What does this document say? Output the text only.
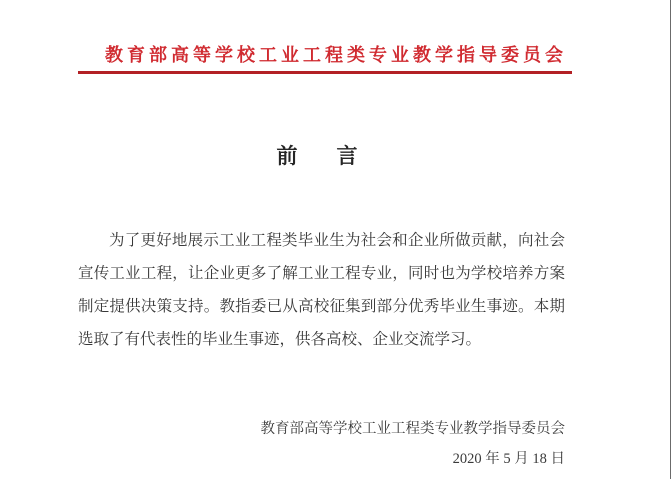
教育部高等学校工业工程类专业教学指导委员会
前　言
为了更好地展示工业工程类毕业生为社会和企业所做贡献，向社会
宣传工业工程，让企业更多了解工业工程专业，同时也为学校培养方案
制定提供决策支持。教指委已从高校征集到部分优秀毕业生事迹。本期
选取了有代表性的毕业生事迹，供各高校、企业交流学习。
教育部高等学校工业工程类专业教学指导委员会
2020 年 5 月 18 日
